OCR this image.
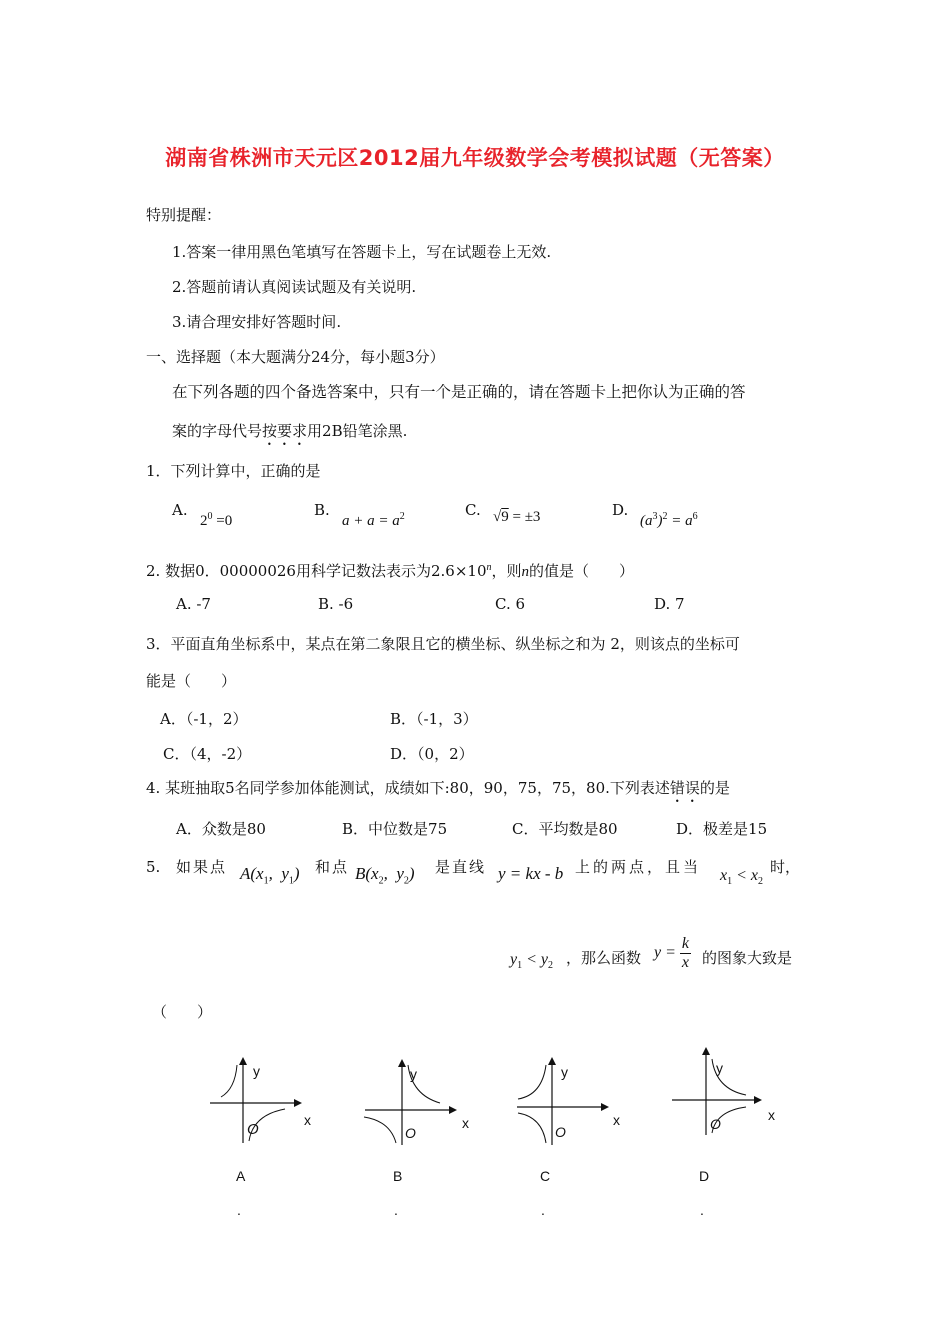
湖南省株洲市天元区2012届九年级数学会考模拟试题（无答案）
特别提醒：
1.答案一律用黑色笔填写在答题卡上，写在试题卷上无效.
2.答题前请认真阅读试题及有关说明.
3.请合理安排好答题时间.
一、选择题（本大题满分24分，每小题3分）
在下列各题的四个备选答案中，只有一个是正确的，请在答题卡上把你认为正确的答
案的字母代号按要求用2B铅笔涂黑.
1．下列计算中，正确的是
A.
$2^0 =0$
B.
$a + a = a^2$	C. √9 = ±3	D.
$(a^3)^2 = a^6$
2. 数据0．00000026用科学记数法表示为$2.6\times 10^n$，则n的值是（　　）
A. -7	B. -6	C. 6	D. 7
3．平面直角坐标系中，某点在第二象限且它的横坐标、纵坐标之和为 2，则该点的坐标可
能是（　　）
A．（-1，2）	B．（-1，3）
C．（4，-2）	D．（0，2）
4. 某班抽取5名同学参加体能测试，成绩如下:80，90，75，75，80.下列表述错误的是
A．众数是80	B．中位数是75	C．平均数是80	D．极差是15
5. 如果点 $A(x_1$,  $y_1$) 和点 $B(x_2$,  $y_2$) 是直线 y = kx - b 上的两点，且当 $x_1 < x_2$
时，
$y_1 < y_2$ ，那么函数 $y = \frac{k}{x}$ 的图象大致是
（　　）
y
x
O
y
x
O
y
x
O
y
x
O
A	B	C	D
.	.	.	.
